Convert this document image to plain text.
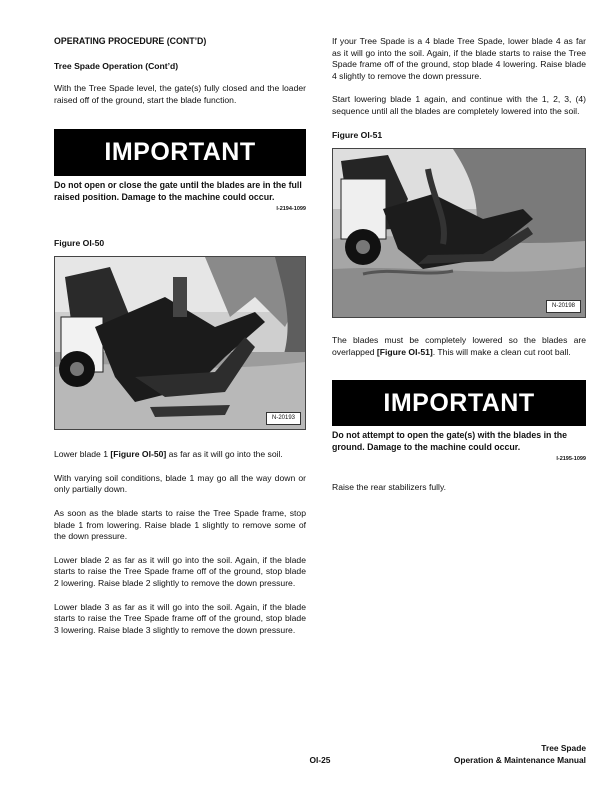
OPERATING PROCEDURE (CONT’D)

Tree Spade Operation (Cont’d)

With the Tree Spade level, the gate(s) fully closed and the loader raised off of the ground, start the blade function.

IMPORTANT

Do not open or close the gate until the blades are in the full raised position. Damage to the machine could occur.

I-2194-1099

Figure OI-50

N-20193

Lower blade 1 [Figure OI-50] as far as it will go into the soil.

With varying soil conditions, blade 1 may go all the way down or only partially down.

As soon as the blade starts to raise the Tree Spade frame, stop blade 1 from lowering. Raise blade 1 slightly to remove some of the down pressure.

Lower blade 2 as far as it will go into the soil. Again, if the blade starts to raise the Tree Spade frame off of the ground, stop blade 2 lowering. Raise blade 2 slightly to remove the down pressure.

Lower blade 3 as far as it will go into the soil. Again, if the blade starts to raise the Tree Spade frame off of the ground, stop blade 3 lowering. Raise blade 3 slightly to remove the down pressure.

If your Tree Spade is a 4 blade Tree Spade, lower blade 4 as far as it will go into the soil. Again, if the blade starts to raise the Tree Spade frame off of the ground, stop blade 4 lowering. Raise blade 4 slightly to remove the down pressure.

Start lowering blade 1 again, and continue with the 1, 2, 3, (4) sequence until all the blades are completely lowered into the soil.

Figure OI-51

N-20198

The blades must be completely lowered so the blades are overlapped [Figure OI-51]. This will make a clean cut root ball.

IMPORTANT

Do not attempt to open the gate(s) with the blades in the ground. Damage to the machine could occur.

I-2195-1099

Raise the rear stabilizers fully.

OI-25
Tree Spade
Operation & Maintenance Manual
